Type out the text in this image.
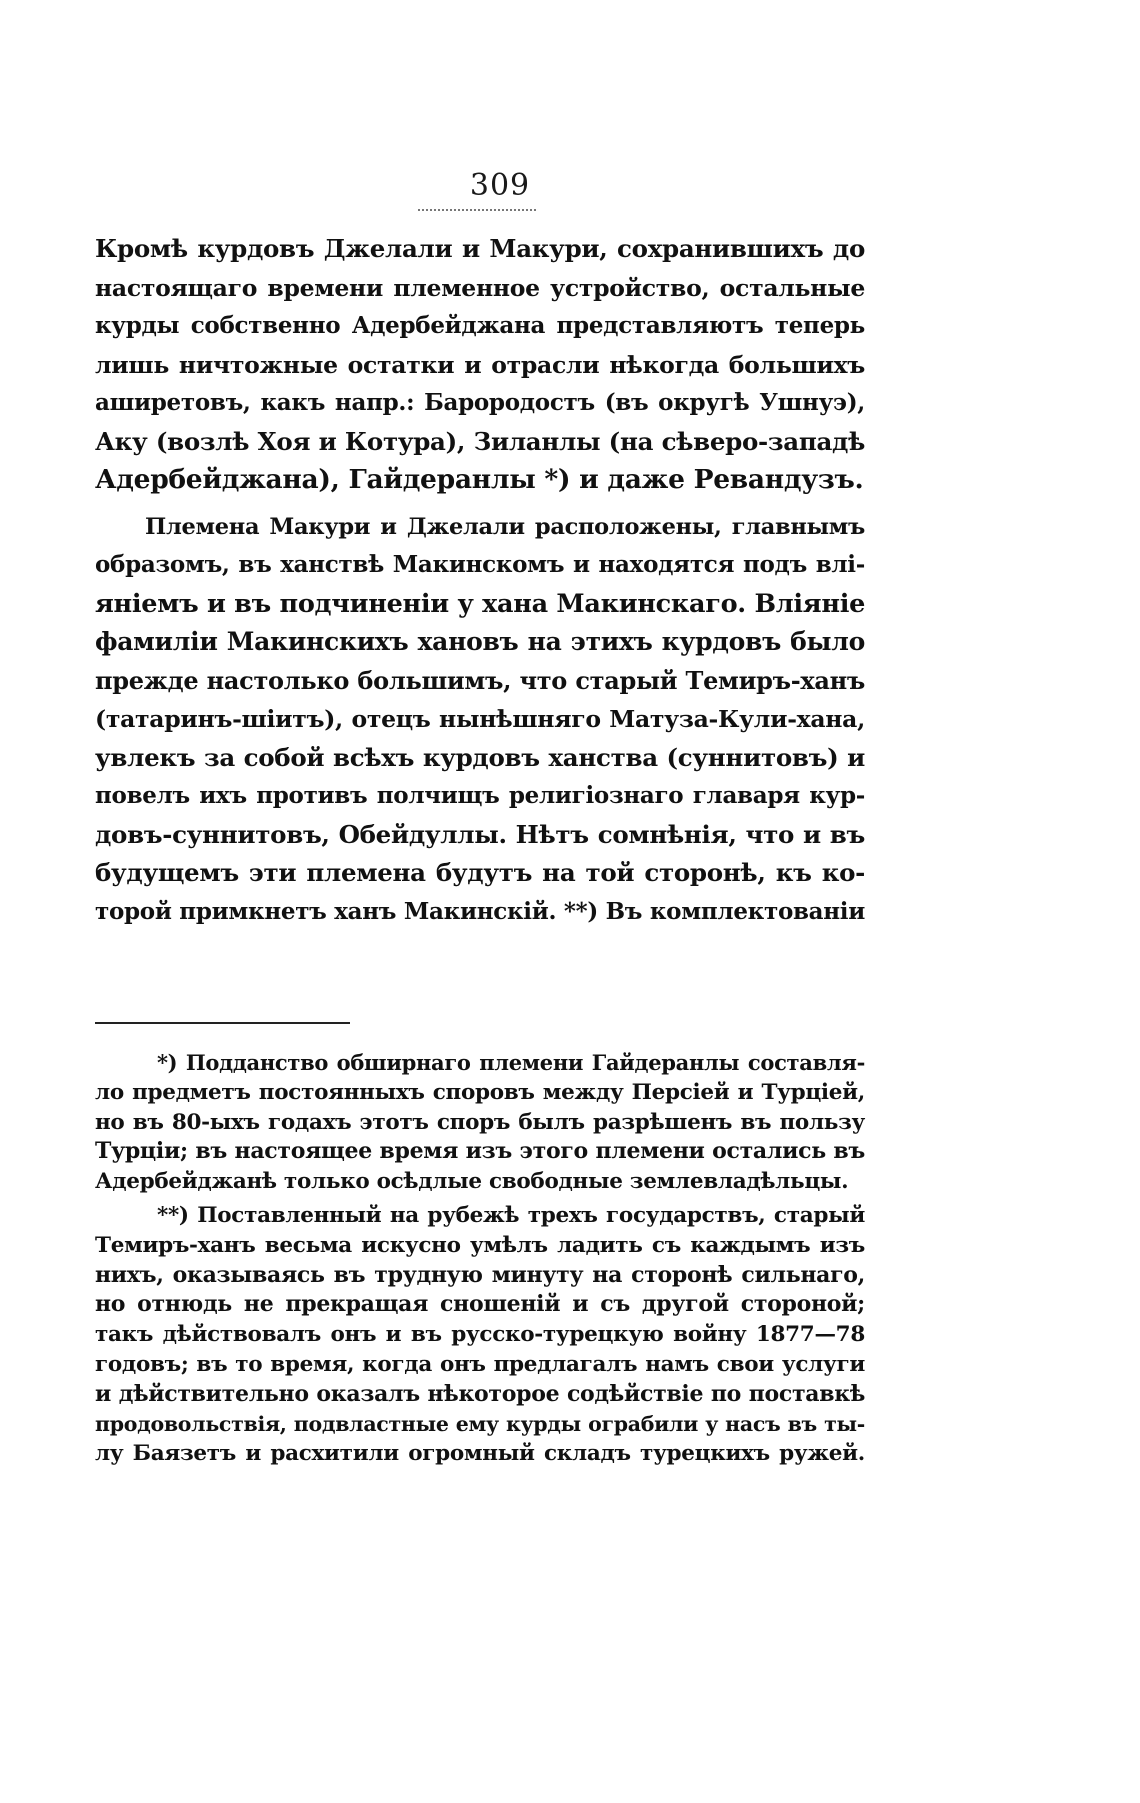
309
Кромѣ курдовъ Джелали и Макури, сохранившихъ до
настоящаго времени племенное устройство, остальные
курды собственно Адербейджана представляютъ теперь
лишь ничтожные остатки и отрасли нѣкогда большихъ
аширетовъ, какъ напр.: Барородостъ (въ округѣ Ушнуэ),
Аку (возлѣ Хоя и Котура), Зиланлы (на сѣверо-западѣ
Адербейджана), Гайдеранлы *) и даже Ревандузъ.
Племена Макури и Джелали расположены, главнымъ
образомъ, въ ханствѣ Макинскомъ и находятся подъ влі-
яніемъ и въ подчиненіи у хана Макинскаго. Вліяніе
фамиліи Макинскихъ хановъ на этихъ курдовъ было
прежде настолько большимъ, что старый Темиръ-ханъ
(татаринъ-шiитъ), отецъ нынѣшняго Матуза-Кули-хана,
увлекъ за собой всѣхъ курдовъ ханства (суннитовъ) и
повелъ ихъ противъ полчищъ религiознаго главаря кур-
довъ-суннитовъ, Обейдуллы. Нѣтъ сомнѣнія, что и въ
будущемъ эти племена будутъ на той сторонѣ, къ ко-
торой примкнетъ ханъ Макинскій. **) Въ комплектованіи
*) Подданство обширнаго племени Гайдеранлы составля-
ло предметъ постоянныхъ споровъ между Персiей и Турцiей,
но въ 80-ыхъ годахъ этотъ споръ былъ разрѣшенъ въ пользу
Турцiи; въ настоящее время изъ этого племени остались въ
Адербейджанѣ только осѣдлые свободные землевладѣльцы.
**) Поставленный на рубежѣ трехъ государствъ, старый
Темиръ-ханъ весьма искусно умѣлъ ладить съ каждымъ изъ
нихъ, оказываясь въ трудную минуту на сторонѣ сильнаго,
но отнюдь не прекращая сношеній и съ другой стороной;
такъ дѣйствовалъ онъ и въ русско-турецкую войну 1877—78
годовъ; въ то время, когда онъ предлагалъ намъ свои услуги
и дѣйствительно оказалъ нѣкоторое содѣйствіе по поставкѣ
продовольствія, подвластные ему курды ограбили у насъ въ ты-
лу Баязетъ и расхитили огромный складъ турецкихъ ружей.
